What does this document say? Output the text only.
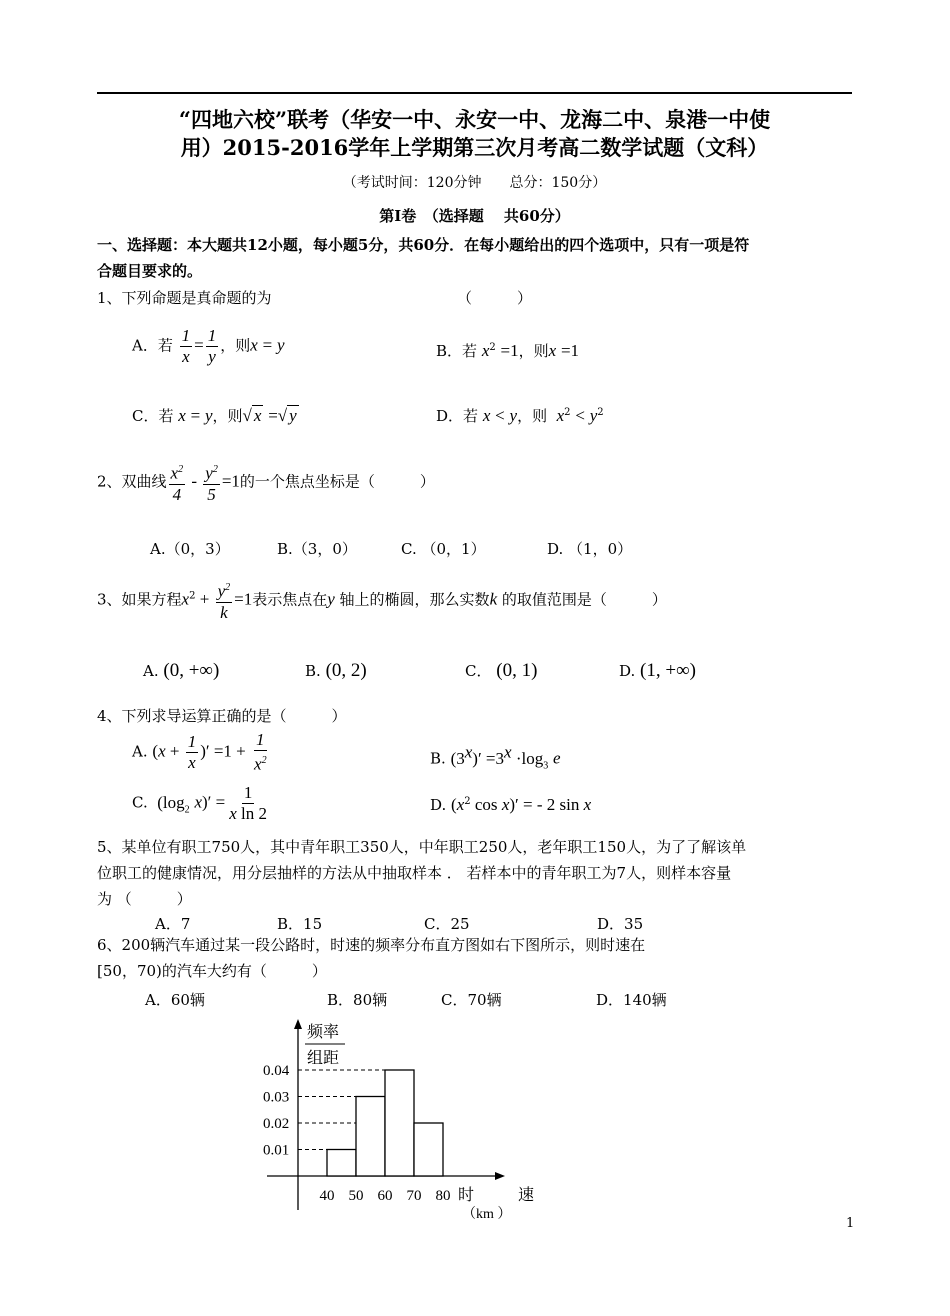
“四地六校”联考（华安一中、永安一中、龙海二中、泉港一中使
用）2015-2016学年上学期第三次月考高二数学试题（文科）
（考试时间：120分钟　　总分：150分）
第Ⅰ卷　（选择题　 共60分）
一、选择题：本大题共12小题，每小题5分，共60分．在每小题给出的四个选项中，只有一项是符
合题目要求的。
1、下列命题是真命题的为	（　　　）
A．若 $\frac{1}{x} = \frac{1}{y}$ ，则x = y	B．若 $x^2 =1$，则x =1
C．若 x = y，则√ x =√ y	D．若 x < y，则 $x^2 < y^2$
2、双曲线 $\frac{x^2}{4} - \frac{y^2}{5} =1$的一个焦点坐标是（　　　）
A.（0，3）	B.（3，0）	C. （0，1）	D. （1，0）
3、如果方程$x^2 + \frac{y^2}{k} =1$表示焦点在y 轴上的椭圆，那么实数k 的取值范围是（　　　）
A. (0, +∞)	B. (0, 2)	C． (0, 1)	D. (1, +∞)
4、下列求导运算正确的是（　　　）
A. ($x + \frac{1}{x}$ )′ $=1 + \frac{1}{x^2}$	B. $(3^x)' =3^x \cdot\log_3$ e
C. ($\log_2$ $x)' = \frac{1}{\text{x ln 2}}$	D. ($x^2$ cos x)′ = - 2 sin x
5、某单位有职工750人，其中青年职工350人，中年职工250人，老年职工150人，为了了解该单
位职工的健康情况，用分层抽样的方法从中抽取样本 ． 若样本中的青年职工为7人，则样本容量
为 （　　　）
A．7	B．15	C．25	D．35
6、200辆汽车通过某一段公路时，时速的频率分布直方图如右下图所示，则时速在
[50，70)的汽车大约有（　　　）
A．60辆	B．80辆	C．70辆	D．140辆
频率
组距
时	速
（km ）
0.04
0.03
0.02
0.01
40 50 60 70 80
1
